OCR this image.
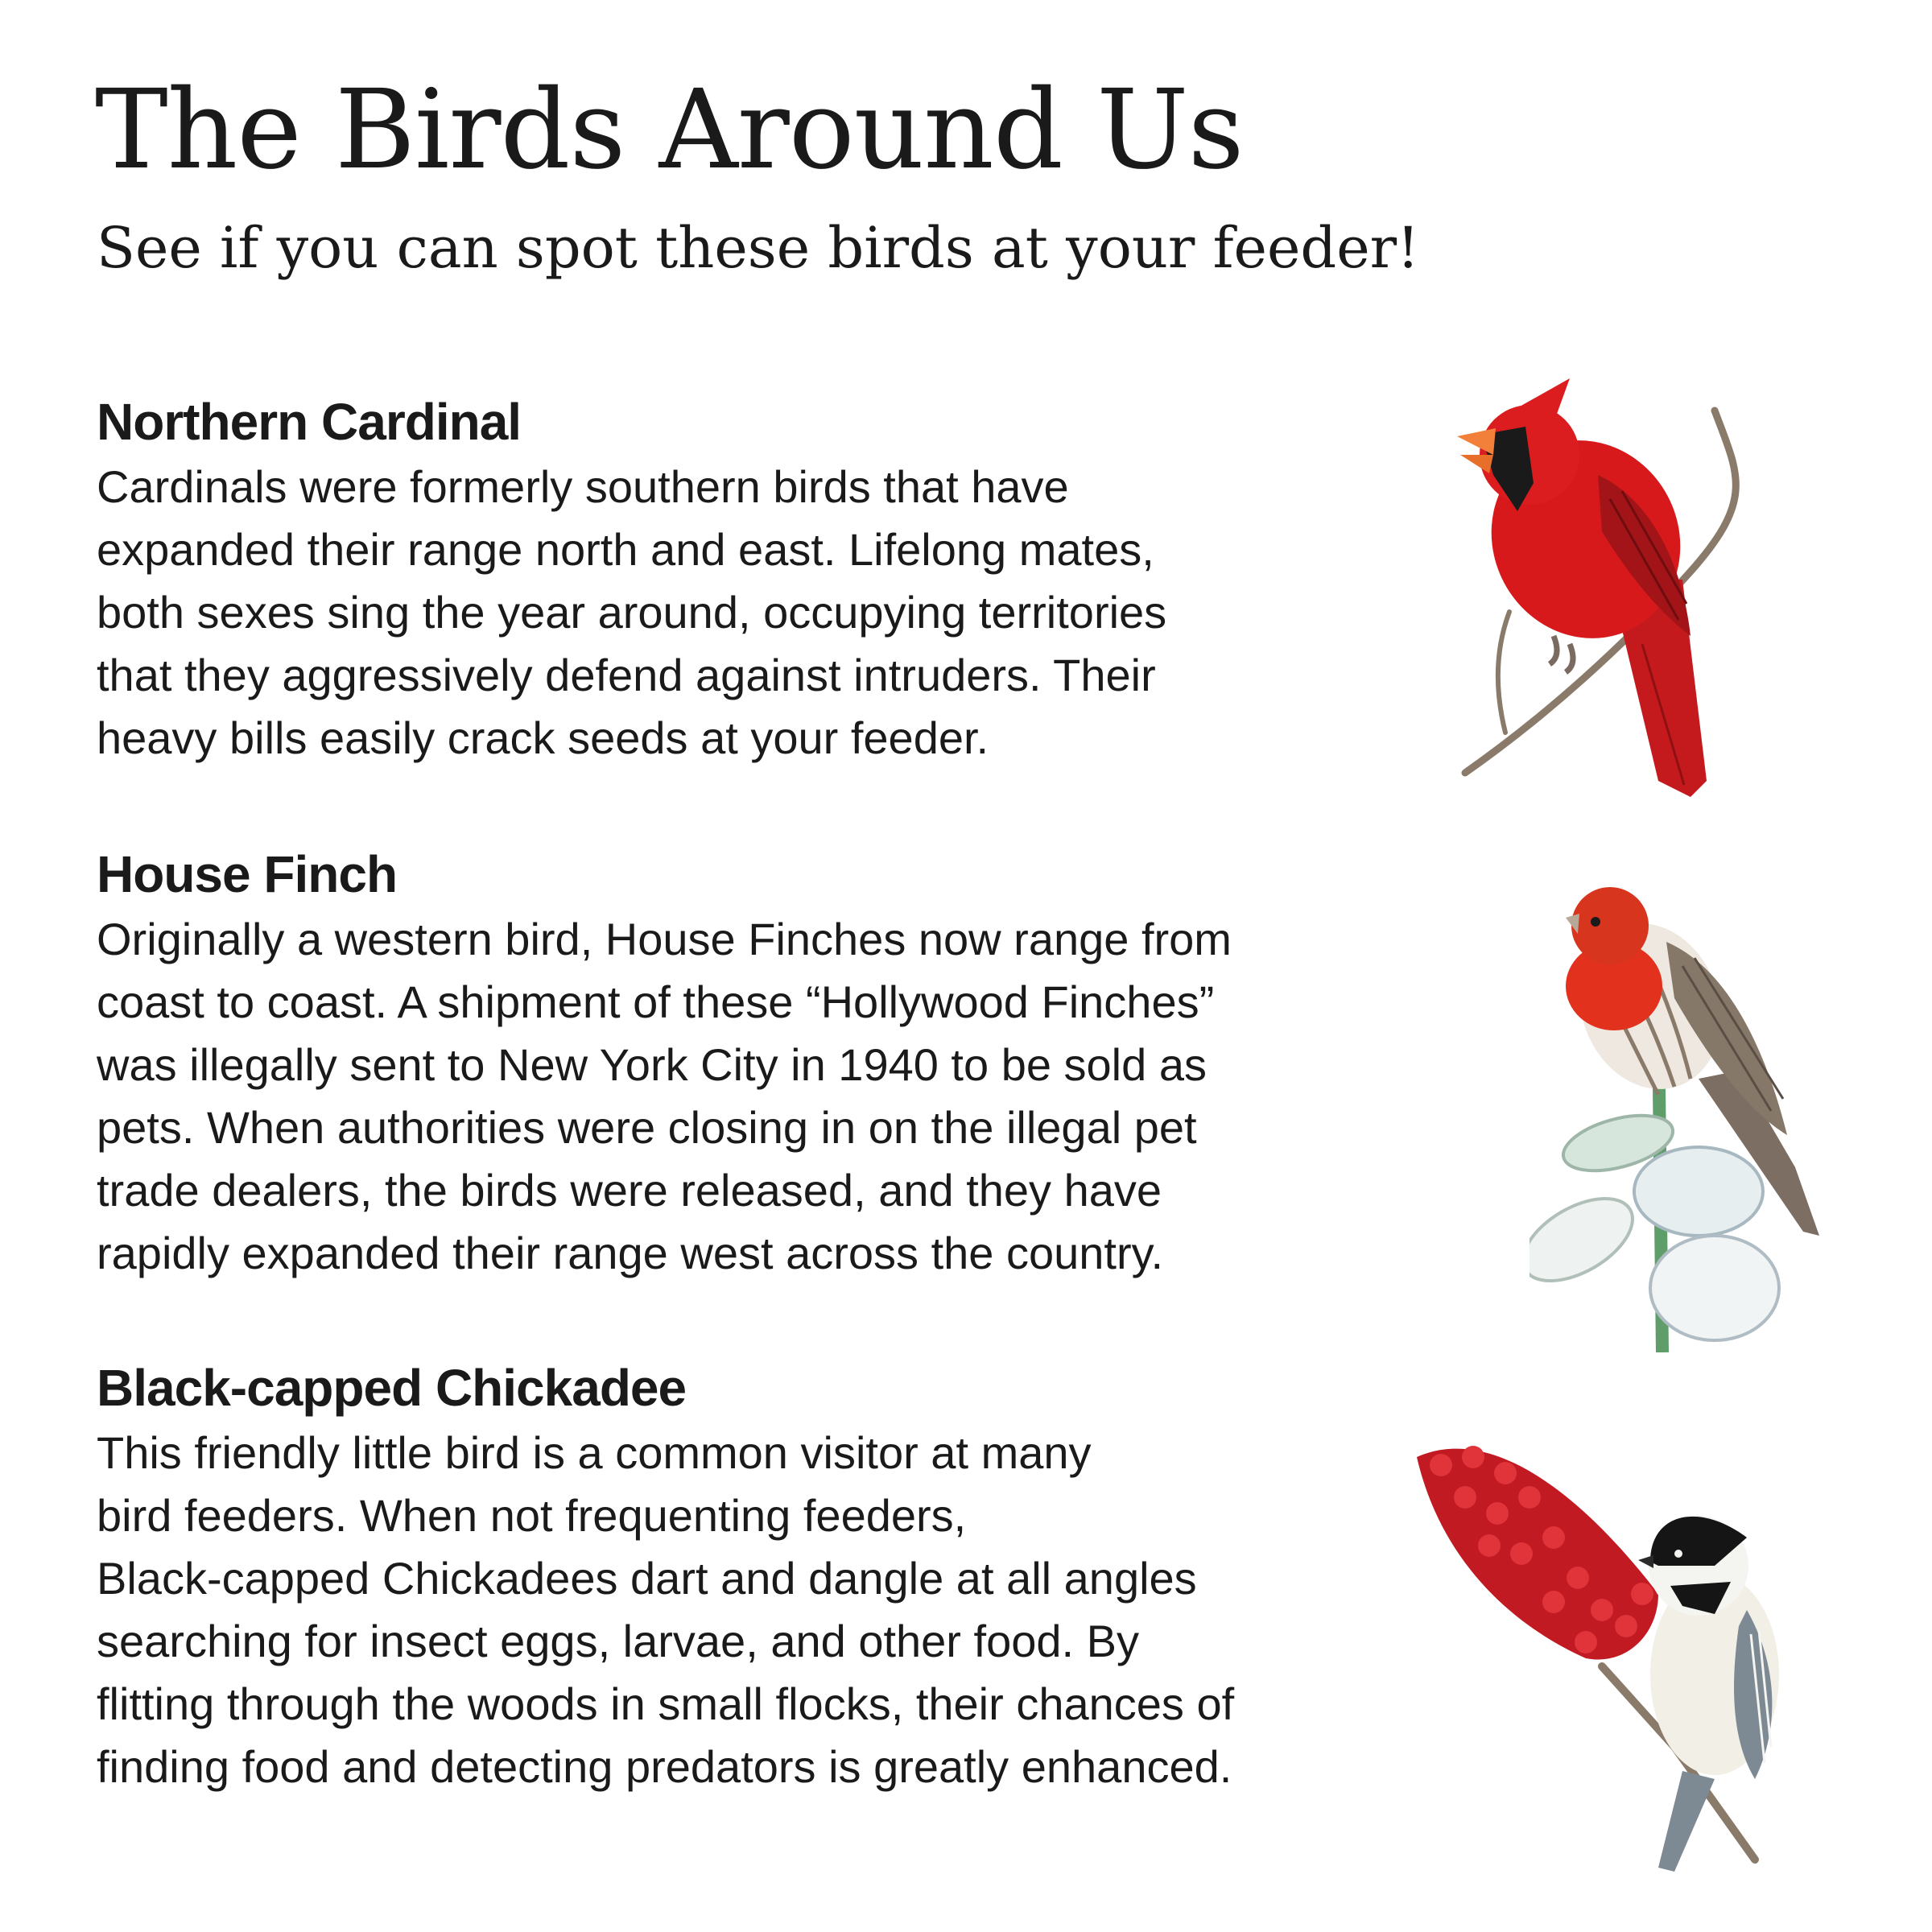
The Birds Around Us
See if you can spot these birds at your feeder!
Northern Cardinal

Cardinals were formerly southern birds that have
expanded their range north and east. Lifelong mates,
both sexes sing the year around, occupying territories
that they aggressively defend against intruders. Their
heavy bills easily crack seeds at your feeder.

House Finch

Originally a western bird, House Finches now range from
coast to coast. A shipment of these “Hollywood Finches”
was illegally sent to New York City in 1940 to be sold as
pets. When authorities were closing in on the illegal pet
trade dealers, the birds were released, and they have
rapidly expanded their range west across the country.

Black-capped Chickadee

This friendly little bird is a common visitor at many
bird feeders. When not frequenting feeders,
Black-capped Chickadees dart and dangle at all angles
searching for insect eggs, larvae, and other food. By
flitting through the woods in small flocks, their chances of
finding food and detecting predators is greatly enhanced.
